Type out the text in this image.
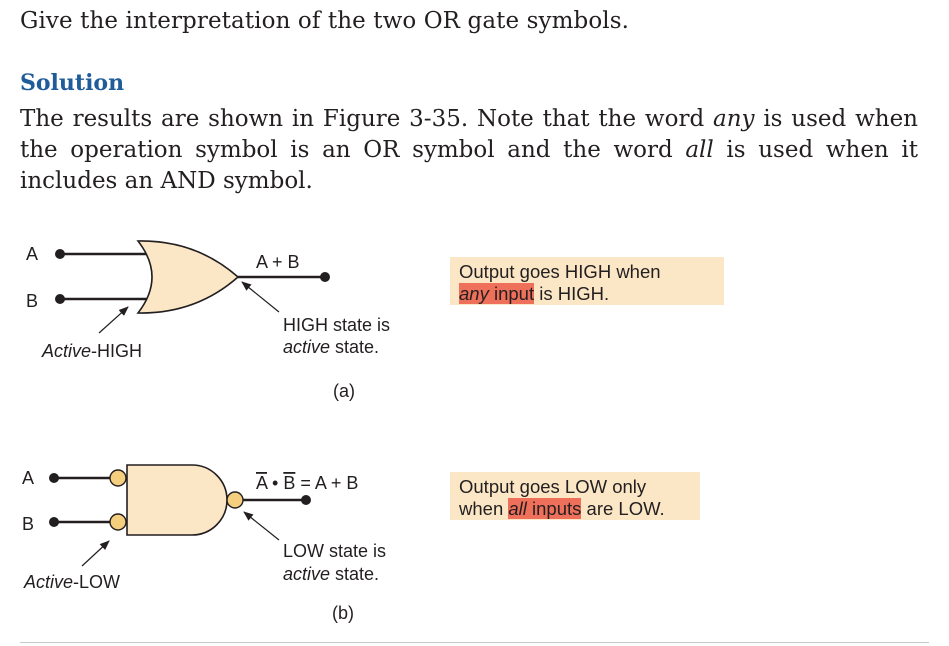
Give the interpretation of the two OR gate symbols.
Solution

The results are shown in Figure 3-35. Note that the word any is used when the operation symbol is an OR symbol and the word all is used when it includes an AND symbol.

A
B
A + B
Active-HIGH
HIGH state is
active state.
(a)
A
B
A • B = A + B
Active-LOW
LOW state is
active state.
(b)
Output goes HIGH when
any input is HIGH.
Output goes LOW only
when all inputs are LOW.
